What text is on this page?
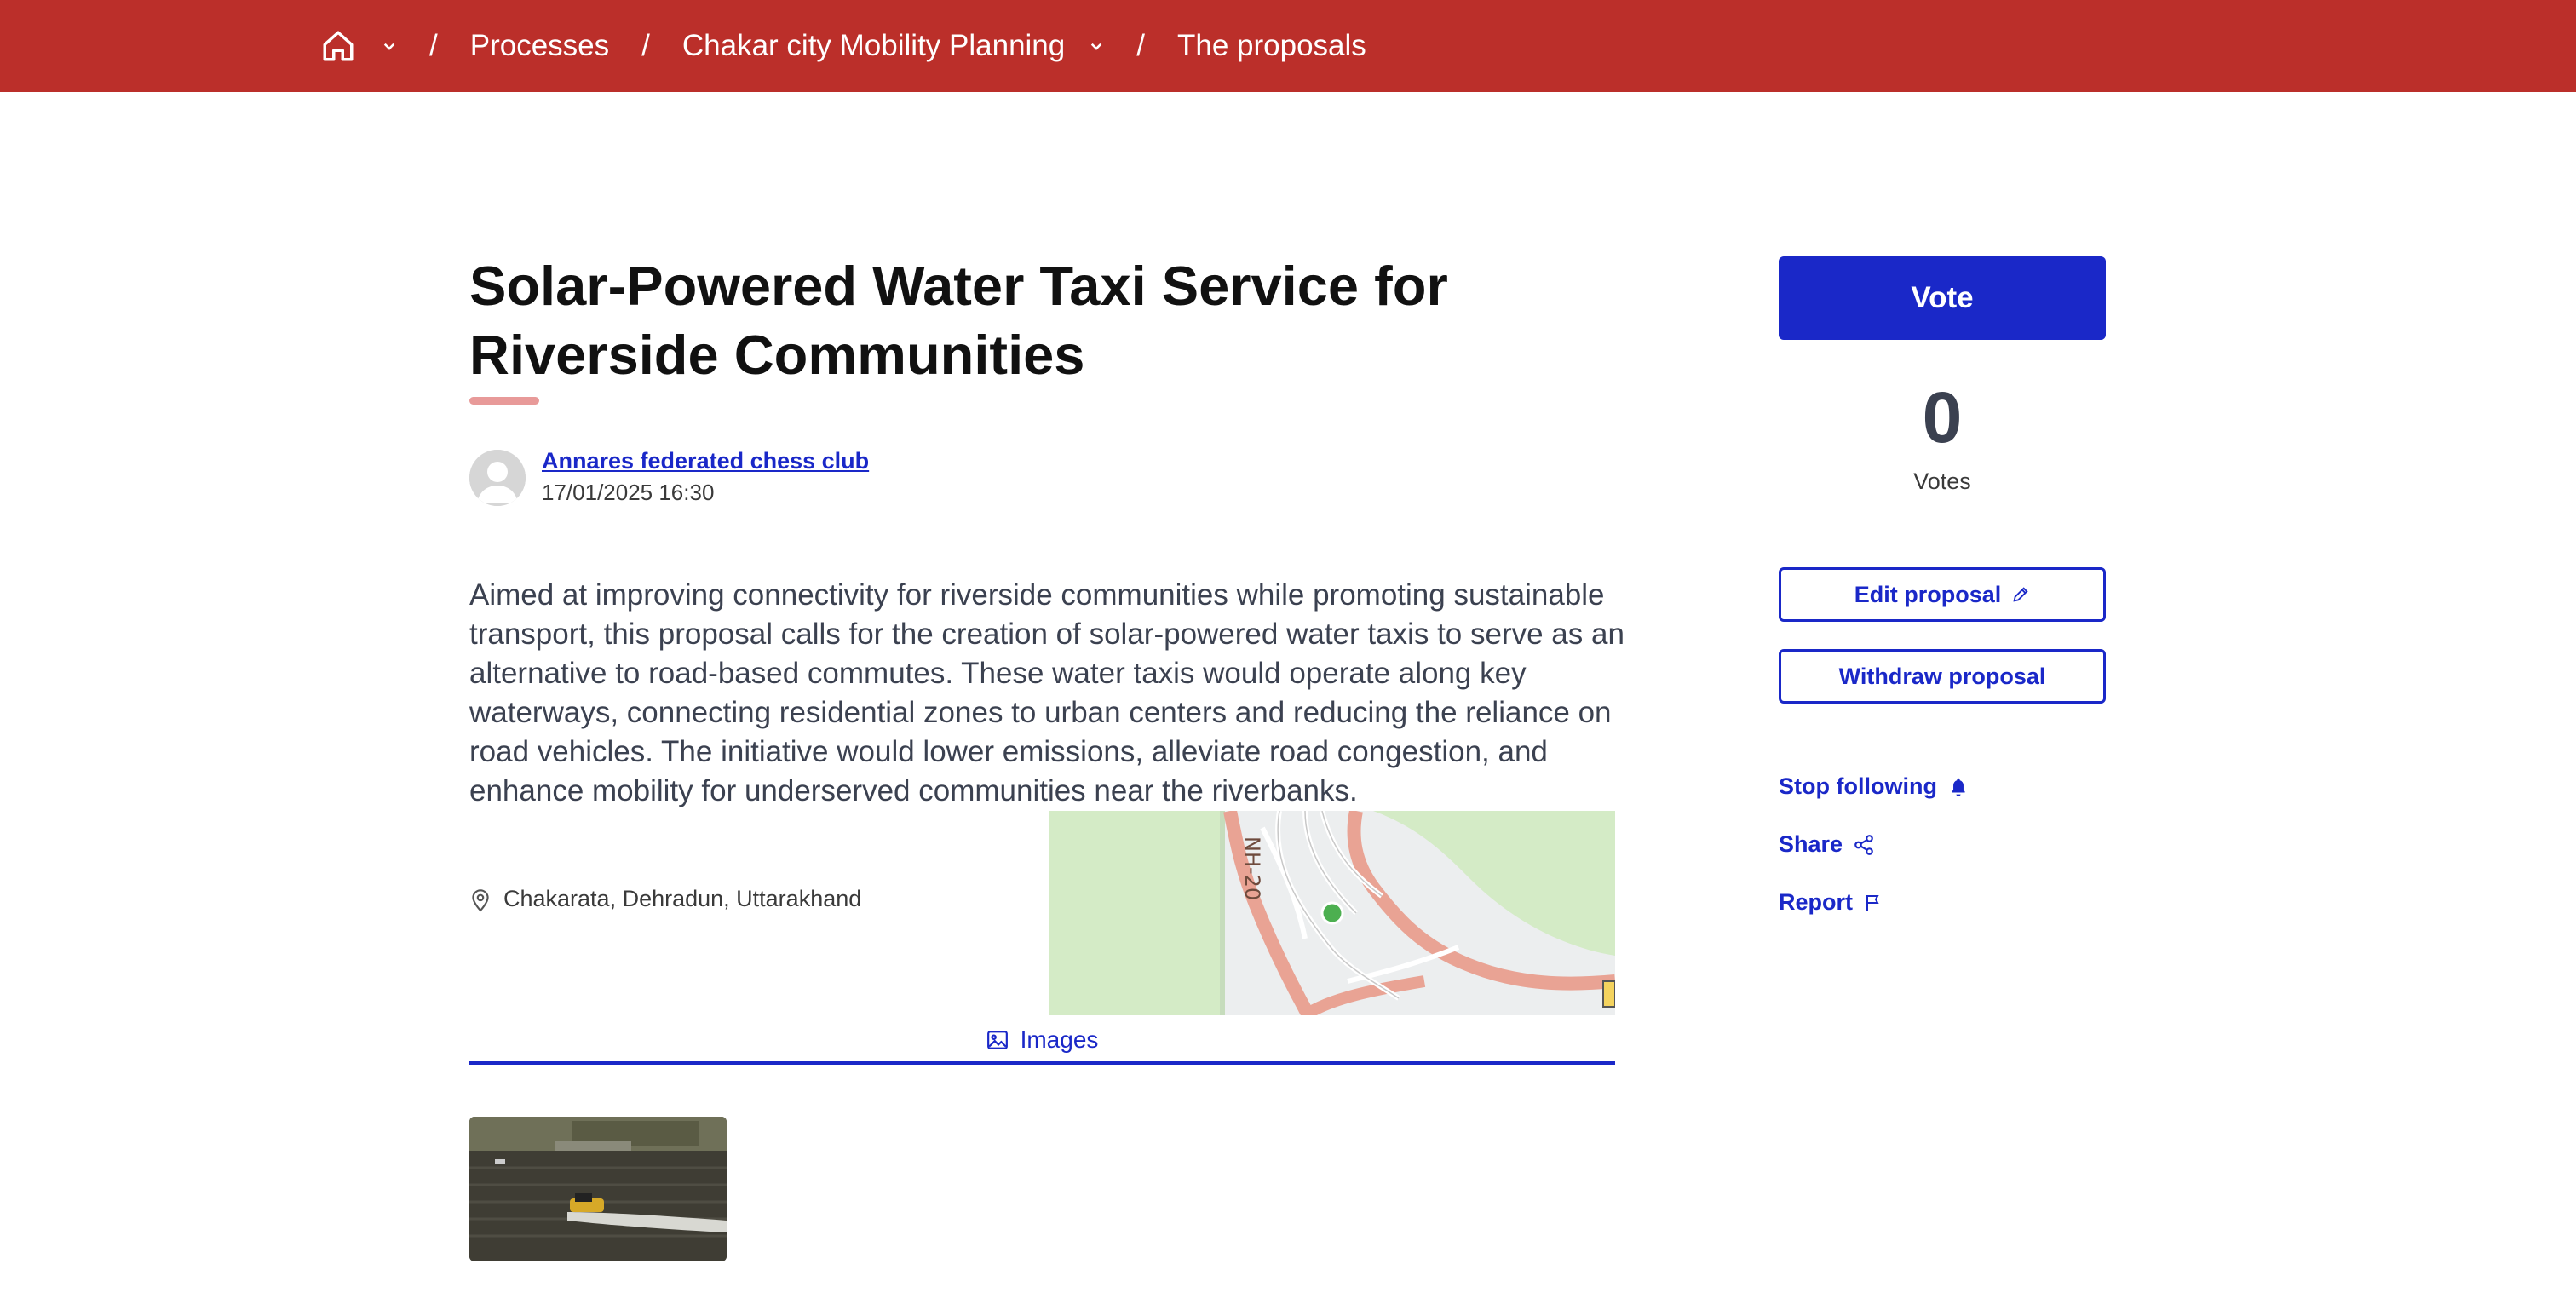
/ Processes / Chakar city Mobility Planning / The proposals
Solar-Powered Water Taxi Service for Riverside Communities
Annares federated chess club
17/01/2025 16:30

Aimed at improving connectivity for riverside communities while promoting sustainable transport, this proposal calls for the creation of solar-powered water taxis to serve as an alternative to road-based commutes. These water taxis would operate along key waterways, connecting residential zones to urban centers and reducing the reliance on road vehicles. The initiative would lower emissions, alleviate road congestion, and enhance mobility for underserved communities near the riverbanks.

Chakarata, Dehradun, Uttarakhand	NH-20
Images
Vote
0
Votes
Edit proposal
Withdraw proposal
Stop following
Share
Report
